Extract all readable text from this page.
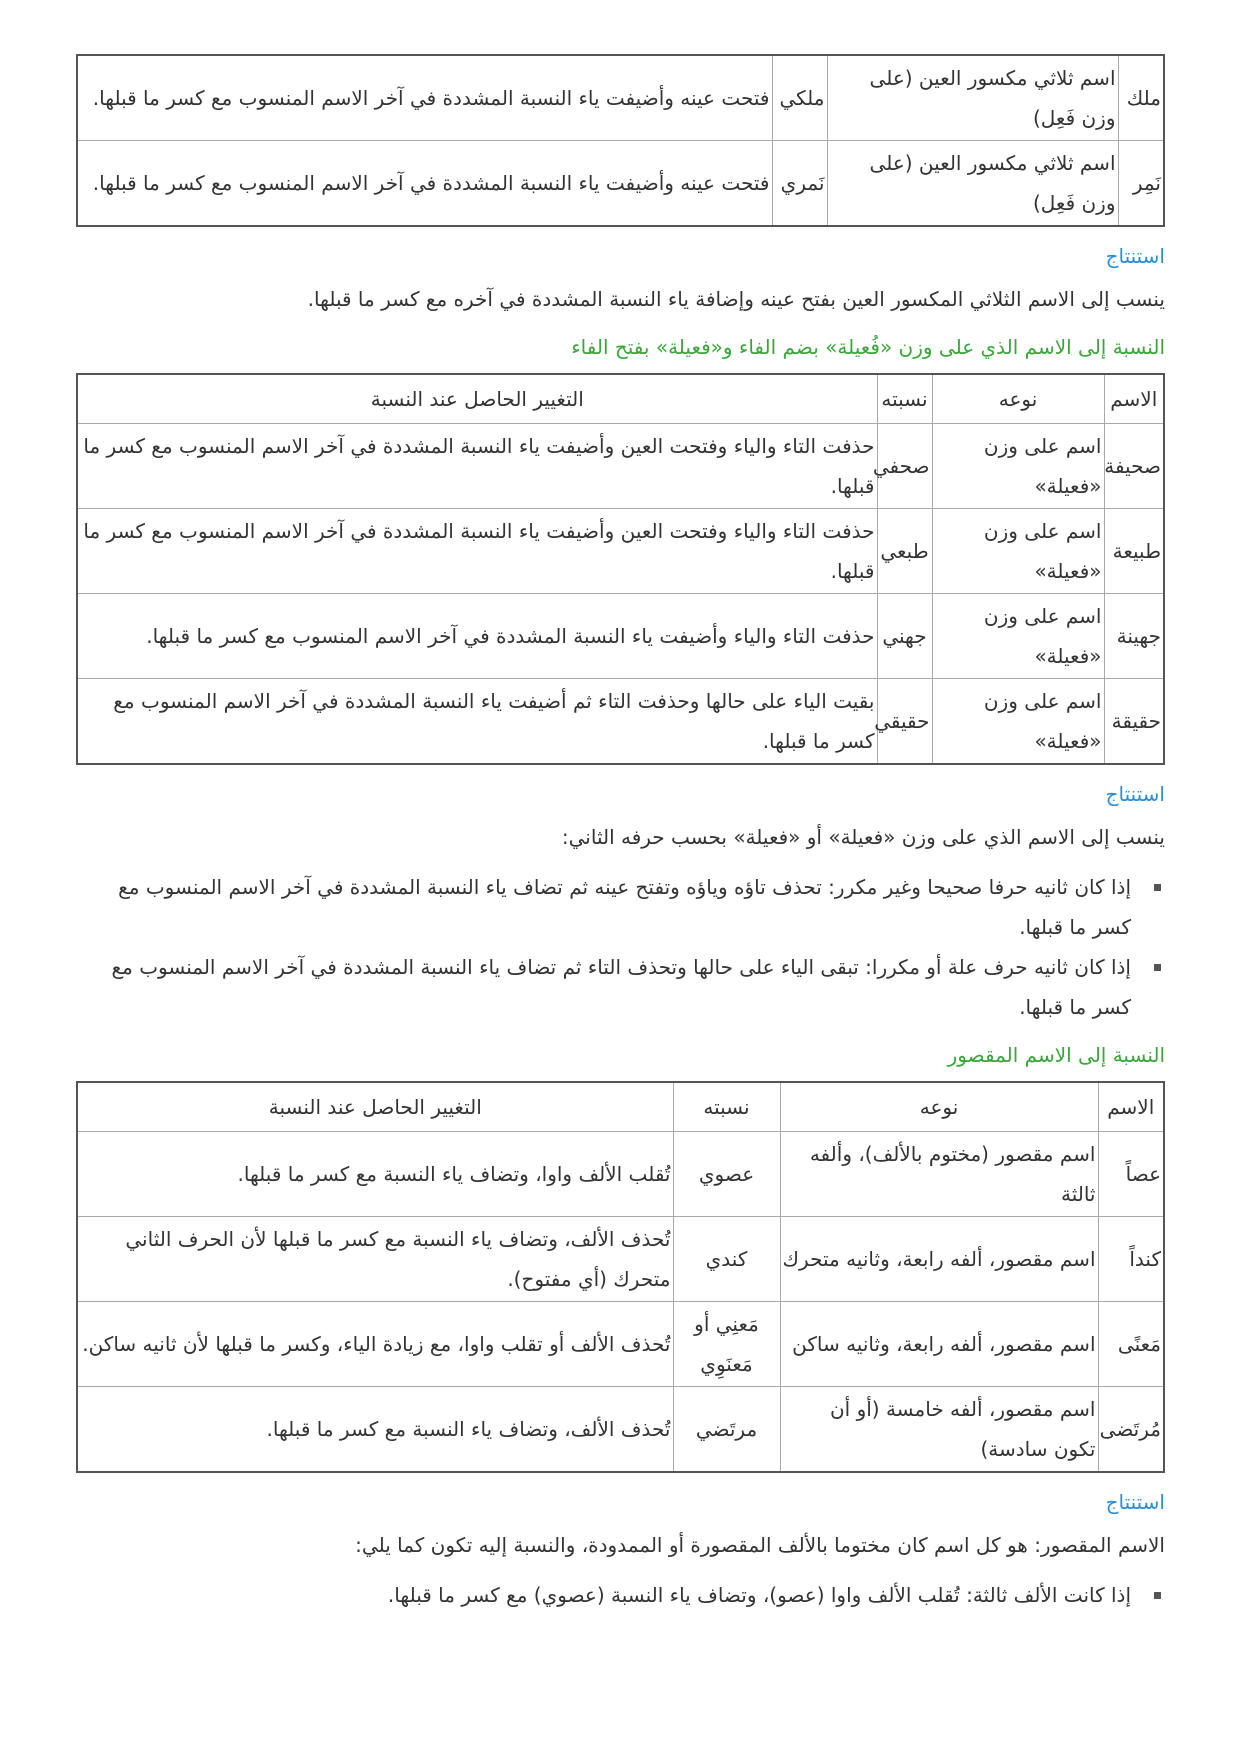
ملك	اسم ثلاثي مكسور العين (على وزن فَعِل)	ملكي	فتحت عينه وأضيفت ياء النسبة المشددة في آخر الاسم المنسوب مع كسر ما قبلها.
نَمِر	اسم ثلاثي مكسور العين (على وزن فَعِل)	نَمري	فتحت عينه وأضيفت ياء النسبة المشددة في آخر الاسم المنسوب مع كسر ما قبلها.
استنتاج

ينسب إلى الاسم الثلاثي المكسور العين بفتح عينه وإضافة ياء النسبة المشددة في آخره مع كسر ما قبلها.

النسبة إلى الاسم الذي على وزن «فُعيلة» بضم الفاء و«فعيلة» بفتح الفاء
الاسم	نوعه	نسبته	التغيير الحاصل عند النسبة
صحيفة	اسم على وزن «فعيلة»	صحفي	حذفت التاء والياء وفتحت العين وأضيفت ياء النسبة المشددة في آخر الاسم المنسوب مع كسر ما قبلها.
طبيعة	اسم على وزن «فعيلة»	طبعي	حذفت التاء والياء وفتحت العين وأضيفت ياء النسبة المشددة في آخر الاسم المنسوب مع كسر ما قبلها.
جهينة	اسم على وزن «فعيلة»	جهني	حذفت التاء والياء وأضيفت ياء النسبة المشددة في آخر الاسم المنسوب مع كسر ما قبلها.
حقيقة	اسم على وزن «فعيلة»	حقيقي	بقيت الياء على حالها وحذفت التاء ثم أضيفت ياء النسبة المشددة في آخر الاسم المنسوب مع كسر ما قبلها.
استنتاج

ينسب إلى الاسم الذي على وزن «فعيلة» أو «فعيلة» بحسب حرفه الثاني:

إذا كان ثانيه حرفا صحيحا وغير مكرر: تحذف تاؤه وياؤه وتفتح عينه ثم تضاف ياء النسبة المشددة في آخر الاسم المنسوب مع كسر ما قبلها.
إذا كان ثانيه حرف علة أو مكررا: تبقى الياء على حالها وتحذف التاء ثم تضاف ياء النسبة المشددة في آخر الاسم المنسوب مع كسر ما قبلها.
النسبة إلى الاسم المقصور
الاسم	نوعه	نسبته	التغيير الحاصل عند النسبة
عصاً	اسم مقصور (مختوم بالألف)، وألفه ثالثة	عصوي	تُقلب الألف واوا، وتضاف ياء النسبة مع كسر ما قبلها.
كنداً	اسم مقصور، ألفه رابعة، وثانيه متحرك	كندي	تُحذف الألف، وتضاف ياء النسبة مع كسر ما قبلها لأن الحرف الثاني متحرك (أي مفتوح).
مَعنًى	اسم مقصور، ألفه رابعة، وثانيه ساكن	مَعنِي أو مَعنَوِي	تُحذف الألف أو تقلب واوا، مع زيادة الياء، وكسر ما قبلها لأن ثانيه ساكن.
مُرتَضى	اسم مقصور، ألفه خامسة (أو أن تكون سادسة)	مرتَضي	تُحذف الألف، وتضاف ياء النسبة مع كسر ما قبلها.
استنتاج

الاسم المقصور: هو كل اسم كان مختوما بالألف المقصورة أو الممدودة، والنسبة إليه تكون كما يلي:

إذا كانت الألف ثالثة: تُقلب الألف واوا (عصو)، وتضاف ياء النسبة (عصوي) مع كسر ما قبلها.
